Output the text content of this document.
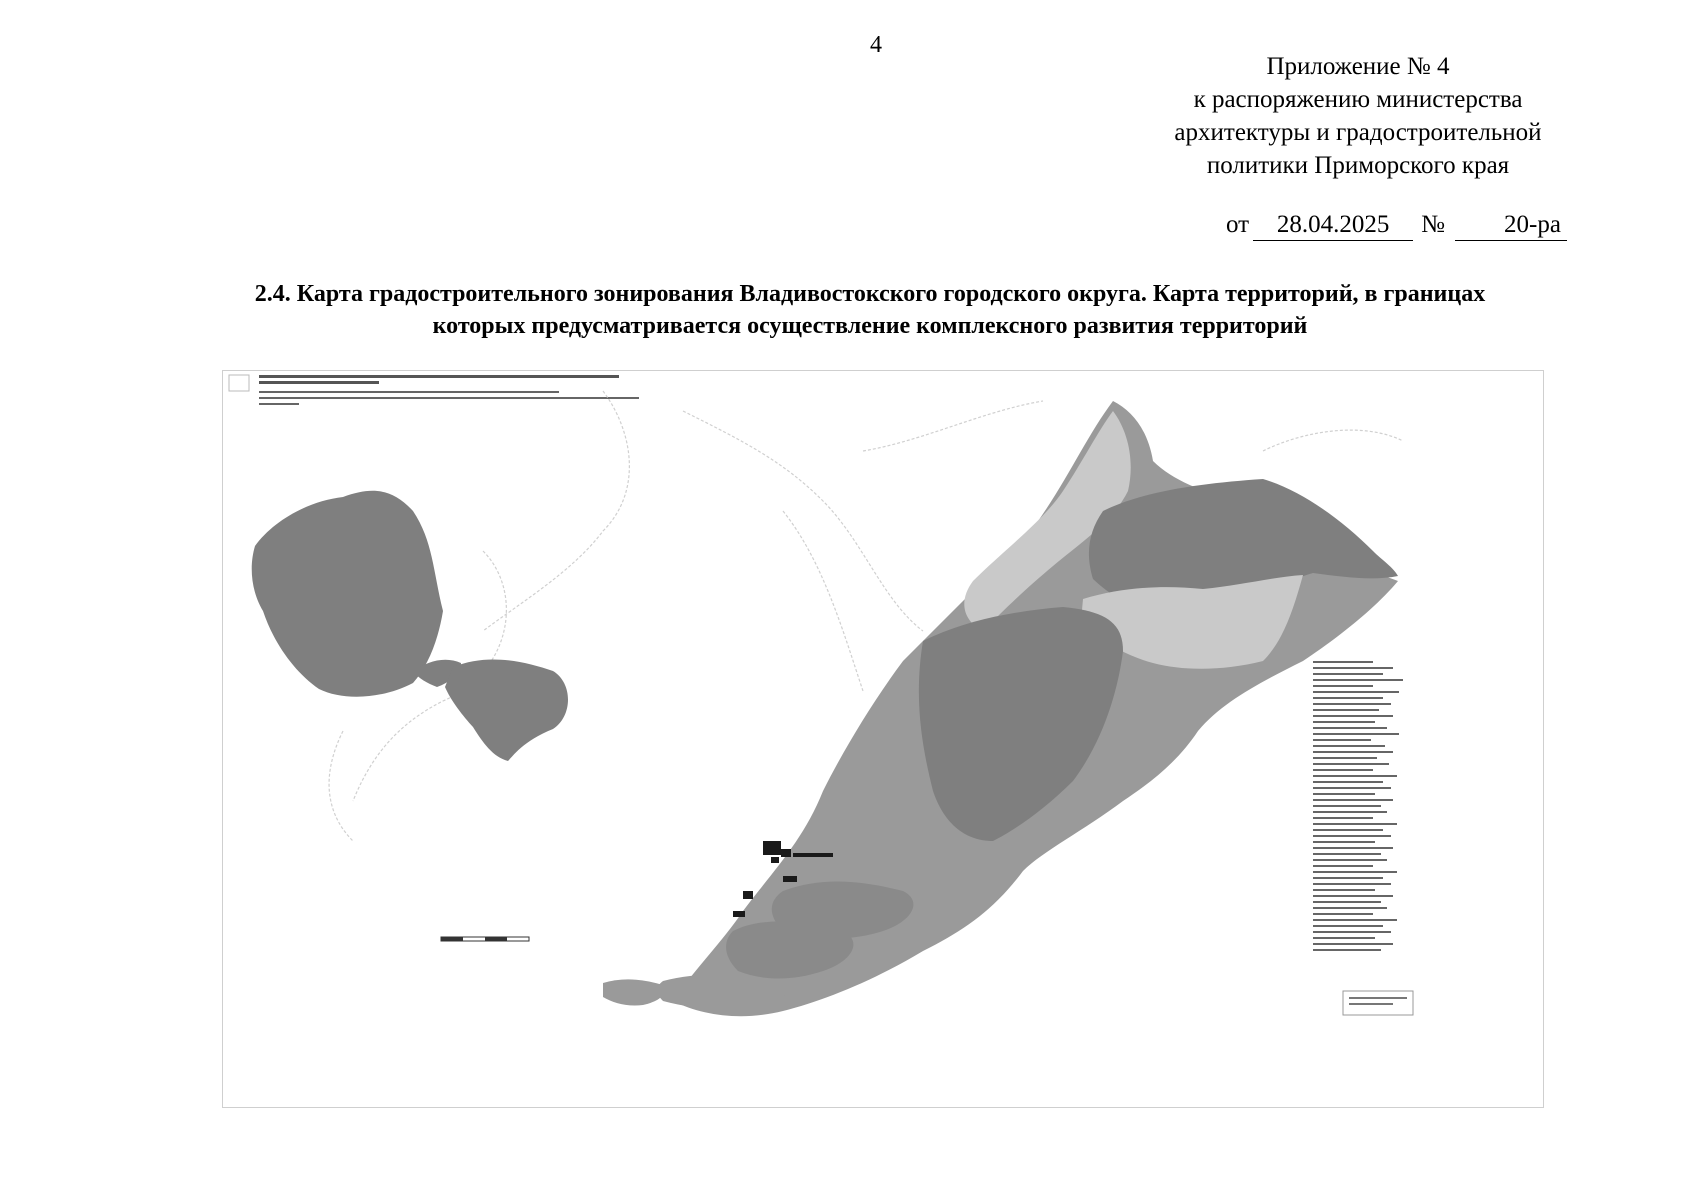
4
Приложение № 4
к распоряжению министерства
архитектуры и градостроительной
политики Приморского края
от 28.04.2025 № 20-ра
2.4. Карта градостроительного зонирования Владивостокского городского округа. Карта территорий, в границах
которых предусматривается осуществление комплексного развития территорий
